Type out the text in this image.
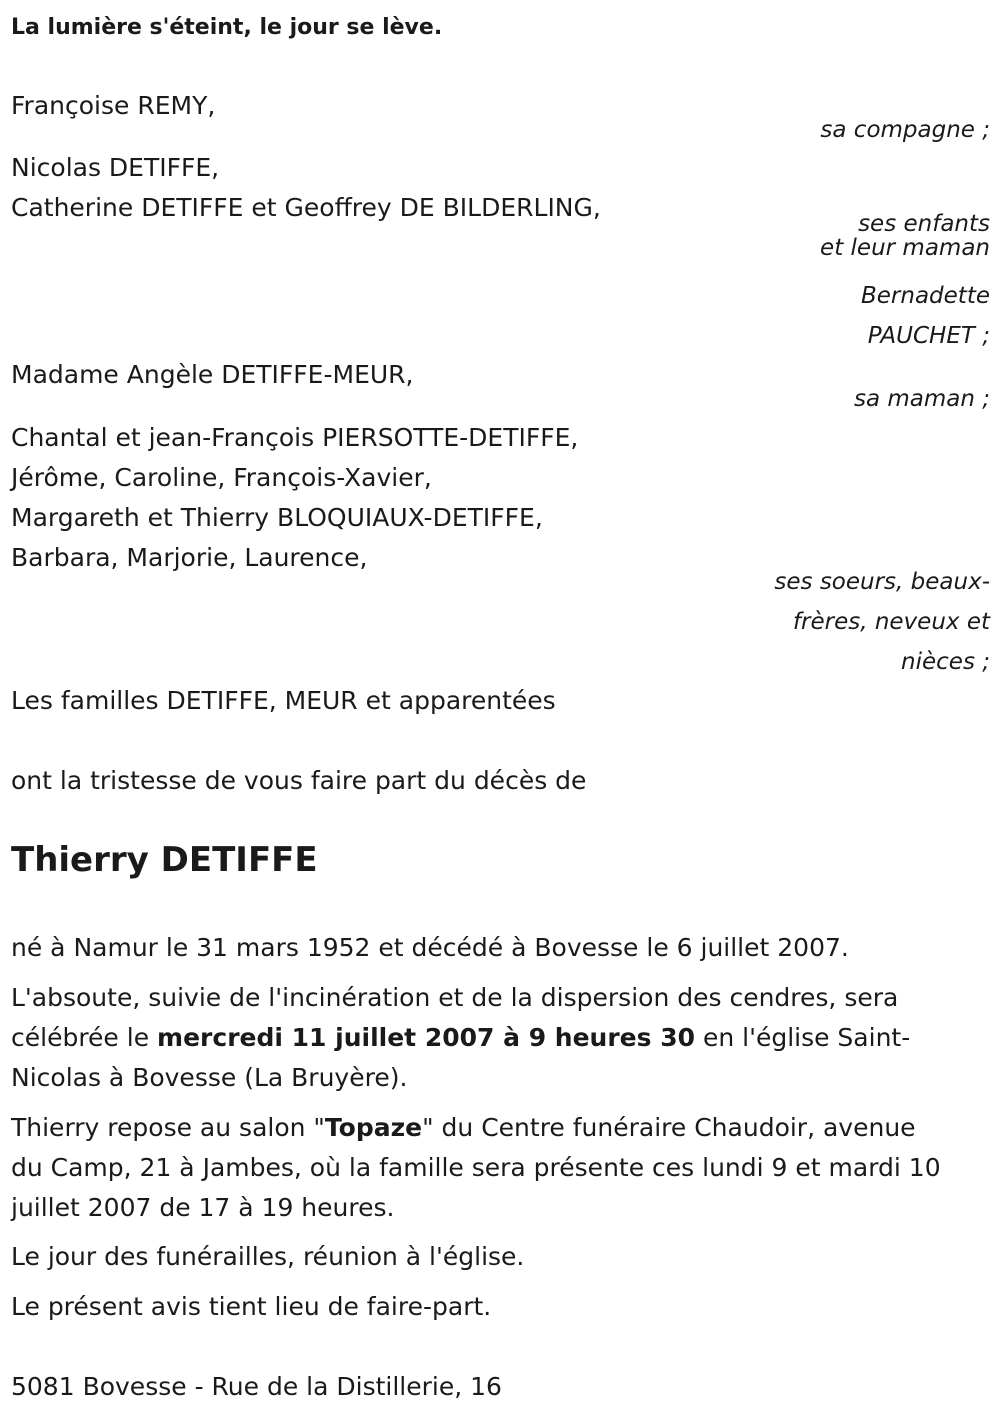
La lumière s'éteint, le jour se lève.
Françoise REMY,
sa compagne ;
Nicolas DETIFFE,
Catherine DETIFFE et Geoffrey DE BILDERLING,
ses enfants
et leur maman
Bernadette
PAUCHET ;
Madame Angèle DETIFFE-MEUR,
sa maman ;
Chantal et jean-François PIERSOTTE-DETIFFE,
Jérôme, Caroline, François-Xavier,
Margareth et Thierry BLOQUIAUX-DETIFFE,
Barbara, Marjorie, Laurence,
ses soeurs, beaux-
frères, neveux et
nièces ;
Les familles DETIFFE, MEUR et apparentées
ont la tristesse de vous faire part du décès de
Thierry DETIFFE
né à Namur le 31 mars 1952 et décédé à Bovesse le 6 juillet 2007.
L'absoute, suivie de l'incinération et de la dispersion des cendres, sera
célébrée le mercredi 11 juillet 2007 à 9 heures 30 en l'église Saint-
Nicolas à Bovesse (La Bruyère).
Thierry repose au salon "Topaze" du Centre funéraire Chaudoir, avenue
du Camp, 21 à Jambes, où la famille sera présente ces lundi 9 et mardi 10
juillet 2007 de 17 à 19 heures.
Le jour des funérailles, réunion à l'église.
Le présent avis tient lieu de faire-part.
5081 Bovesse - Rue de la Distillerie, 16
